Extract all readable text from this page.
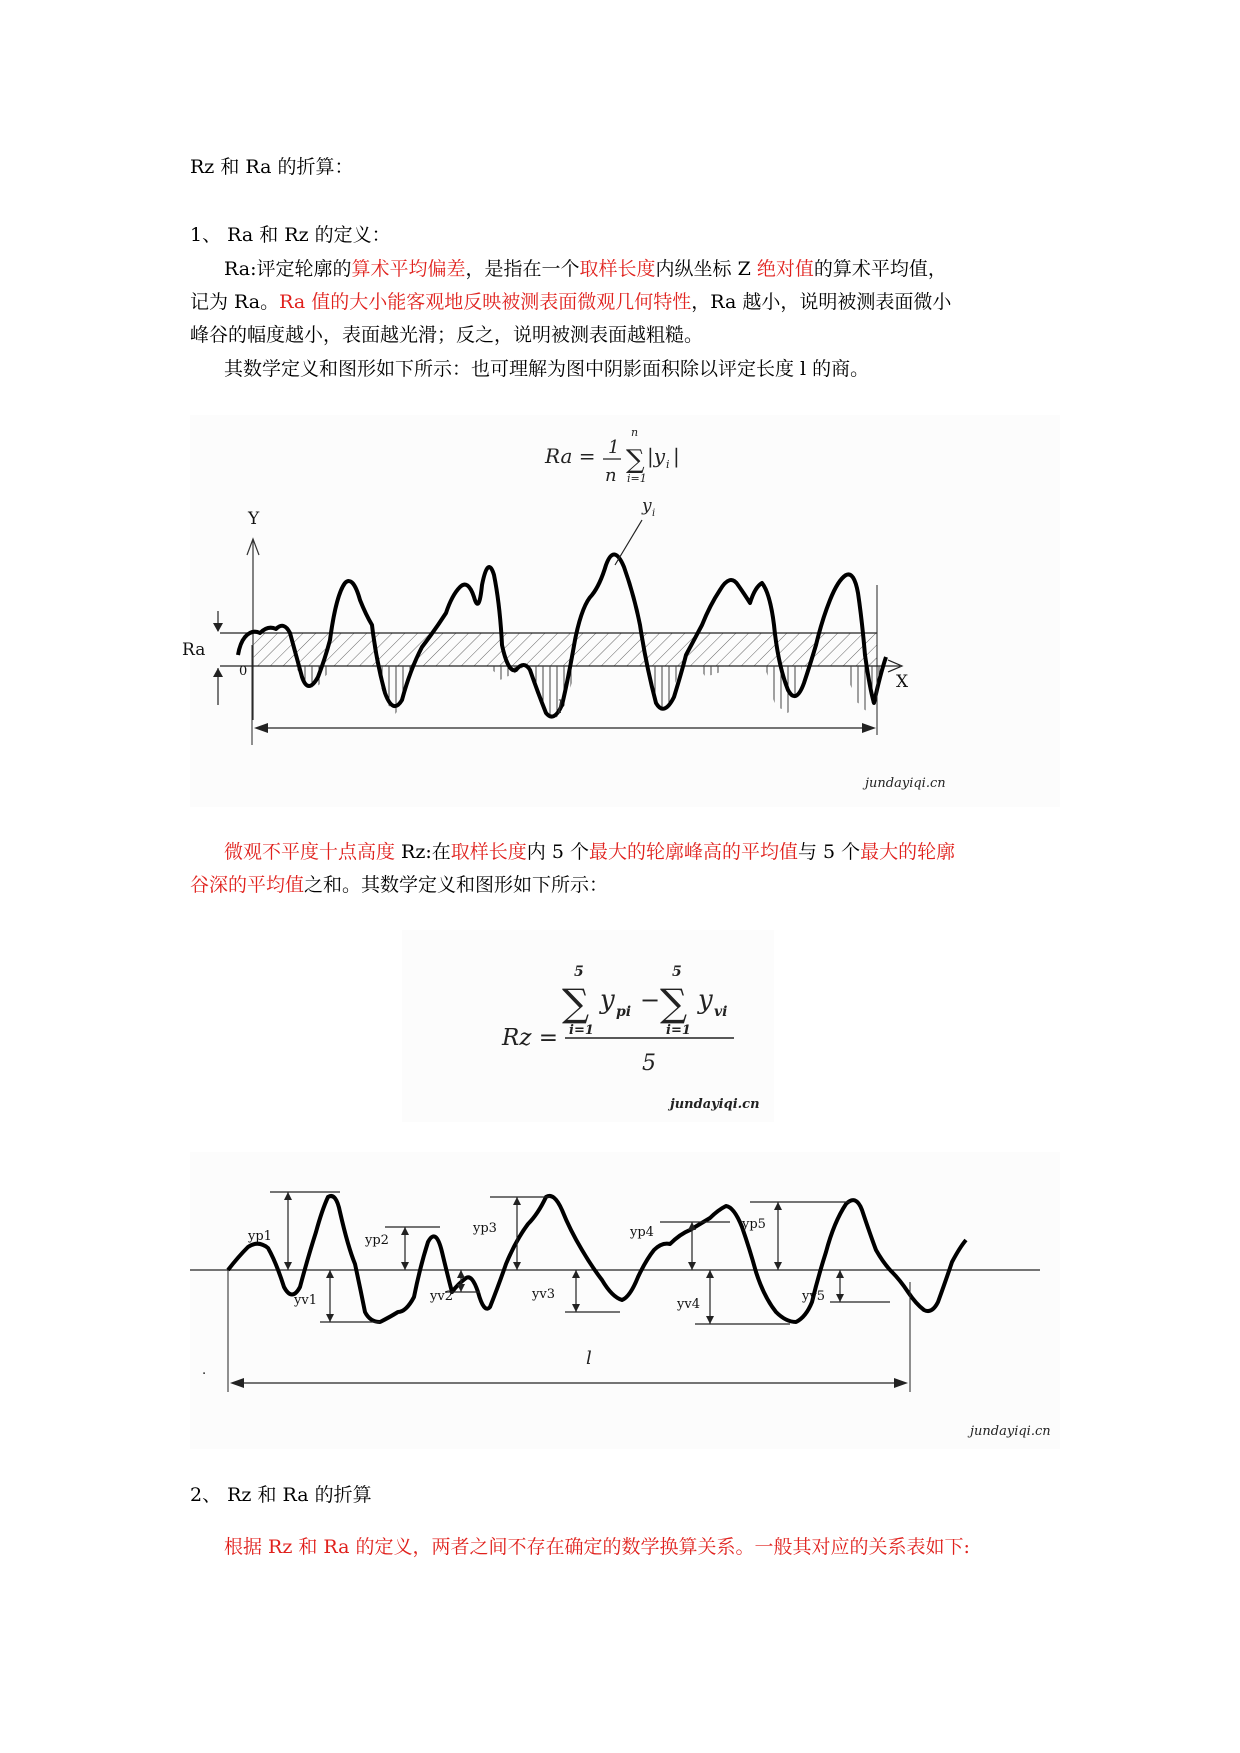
Rz 和 Ra 的折算：
1、 Ra 和 Rz 的定义：
Ra:评定轮廓的算术平均偏差，是指在一个取样长度内纵坐标 Z 绝对值的算术平均值，
记为 Ra。Ra 值的大小能客观地反映被测表面微观几何特性，Ra 越小，说明被测表面微小
峰谷的幅度越小，表面越光滑；反之，说明被测表面越粗糙。
其数学定义和图形如下所示：也可理解为图中阴影面积除以评定长度 l 的商。
Ra = 1
n
n
∑
i=1
|y i |
Y
X
0
Ra
y i
l
jundayiqi.cn
微观不平度十点高度 Rz:在取样长度内 5 个最大的轮廓峰高的平均值与 5 个最大的轮廓
谷深的平均值之和。其数学定义和图形如下所示：
Rz =
5
∑
i=1
y pi −
5
∑
i=1
y vi
5
jundayiqi.cn
yp1	yp2
yp3	yp4
yp5
yv1	yv2	yv3
yv4
yv5
l
.
jundayiqi.cn
2、 Rz 和 Ra 的折算
根据 Rz 和 Ra 的定义，两者之间不存在确定的数学换算关系。一般其对应的关系表如下:
